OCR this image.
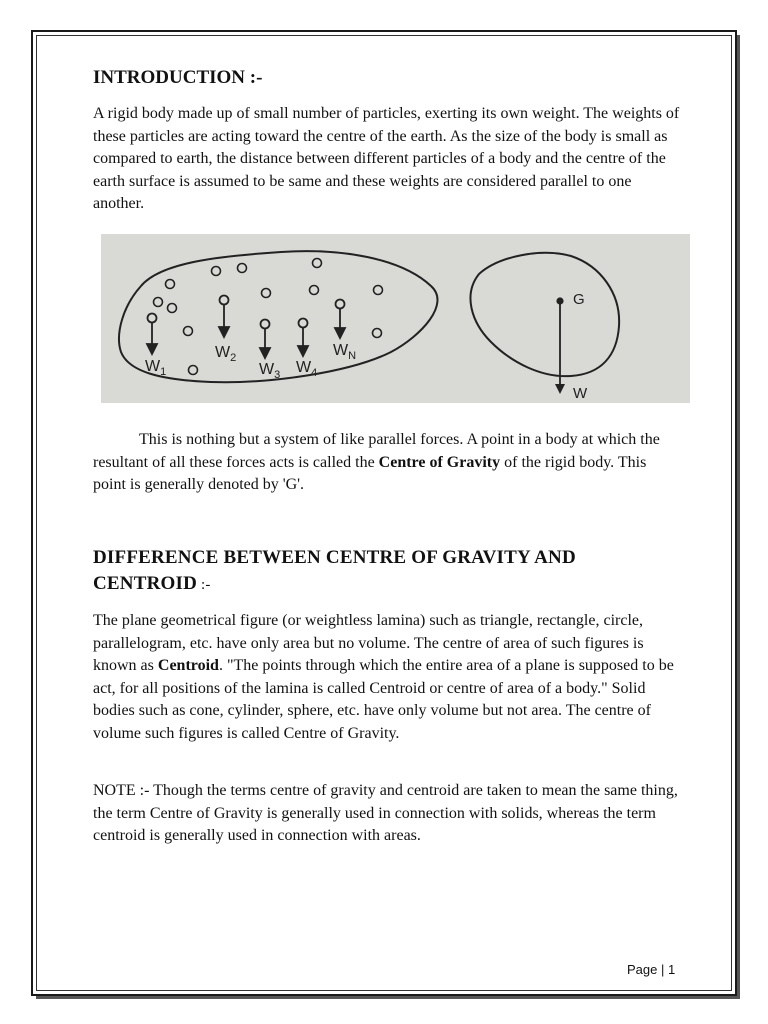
INTRODUCTION :-

A rigid body made up of small number of particles, exerting its own weight. The weights of these particles are acting toward the centre of the earth. As the size of the body is small as compared to earth, the distance between different particles of a body and the centre of the earth surface is assumed to be same and these weights are considered parallel to one another.

This is nothing but a system of like parallel forces. A point in a body at which the resultant of all these forces acts is called the Centre of Gravity of the rigid body. This point is generally denoted by 'G'.

DIFFERENCE BETWEEN CENTRE OF GRAVITY AND CENTROID :-

The plane geometrical figure (or weightless lamina) such as triangle, rectangle, circle, parallelogram, etc. have only area but no volume. The centre of area of such figures is known as Centroid. "The points through which the entire area of a plane is supposed to be act, for all positions of the lamina is called Centroid or centre of area of a body." Solid bodies such as cone, cylinder, sphere, etc. have only volume but not area. The centre of volume such figures is called Centre of Gravity.

NOTE :- Though the terms centre of gravity and centroid are taken to mean the same thing, the term Centre of Gravity is generally used in connection with solids, whereas the term centroid is generally used in connection with areas.

$W_1$
$W_2$
$W_3$ $W_4$
$W_N$
G
W
Page | 1
